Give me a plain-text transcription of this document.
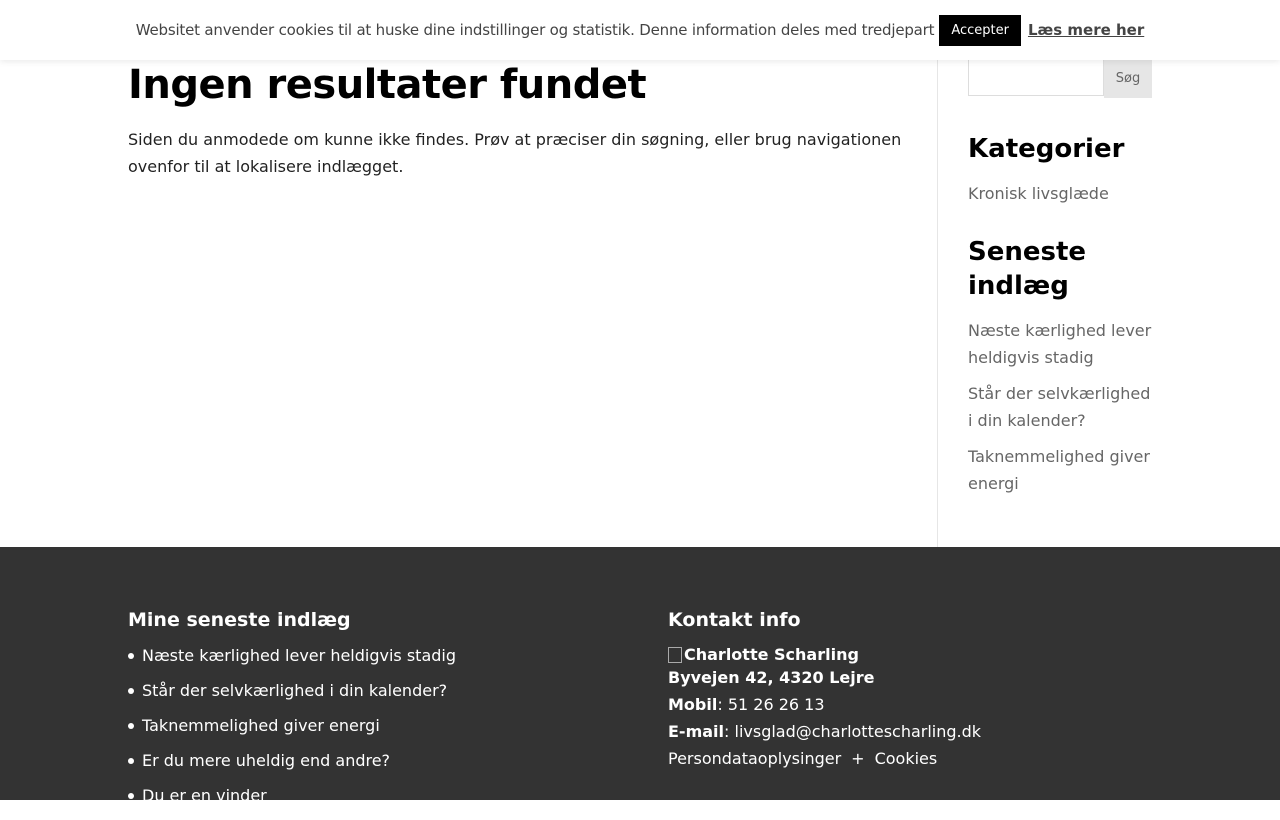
Websitet anvender cookies til at huske dine indstillinger og statistik. Denne information deles med tredjepart	Accepter	Læs mere her
Ingen resultater fundet

Siden du anmodede om kunne ikke findes. Prøv at præciser din søgning, eller brug navigationen ovenfor til at lokalisere indlægget.

Søg
Kategorier
Kronisk livsglæde
Seneste indlæg
Næste kærlighed lever heldigvis stadig
Står der selvkærlighed i din kalender?
Taknemmelighed giver energi
Mine seneste indlæg
Næste kærlighed lever heldigvis stadig
Står der selvkærlighed i din kalender?
Taknemmelighed giver energi
Er du mere uheldig end andre?
Du er en vinder
Kontakt info
Charlotte Scharling
Byvejen 42, 4320 Lejre
Mobil: 51 26 26 13
E-mail: livsglad@charlottescharling.dk
Persondataoplysinger + Cookies
